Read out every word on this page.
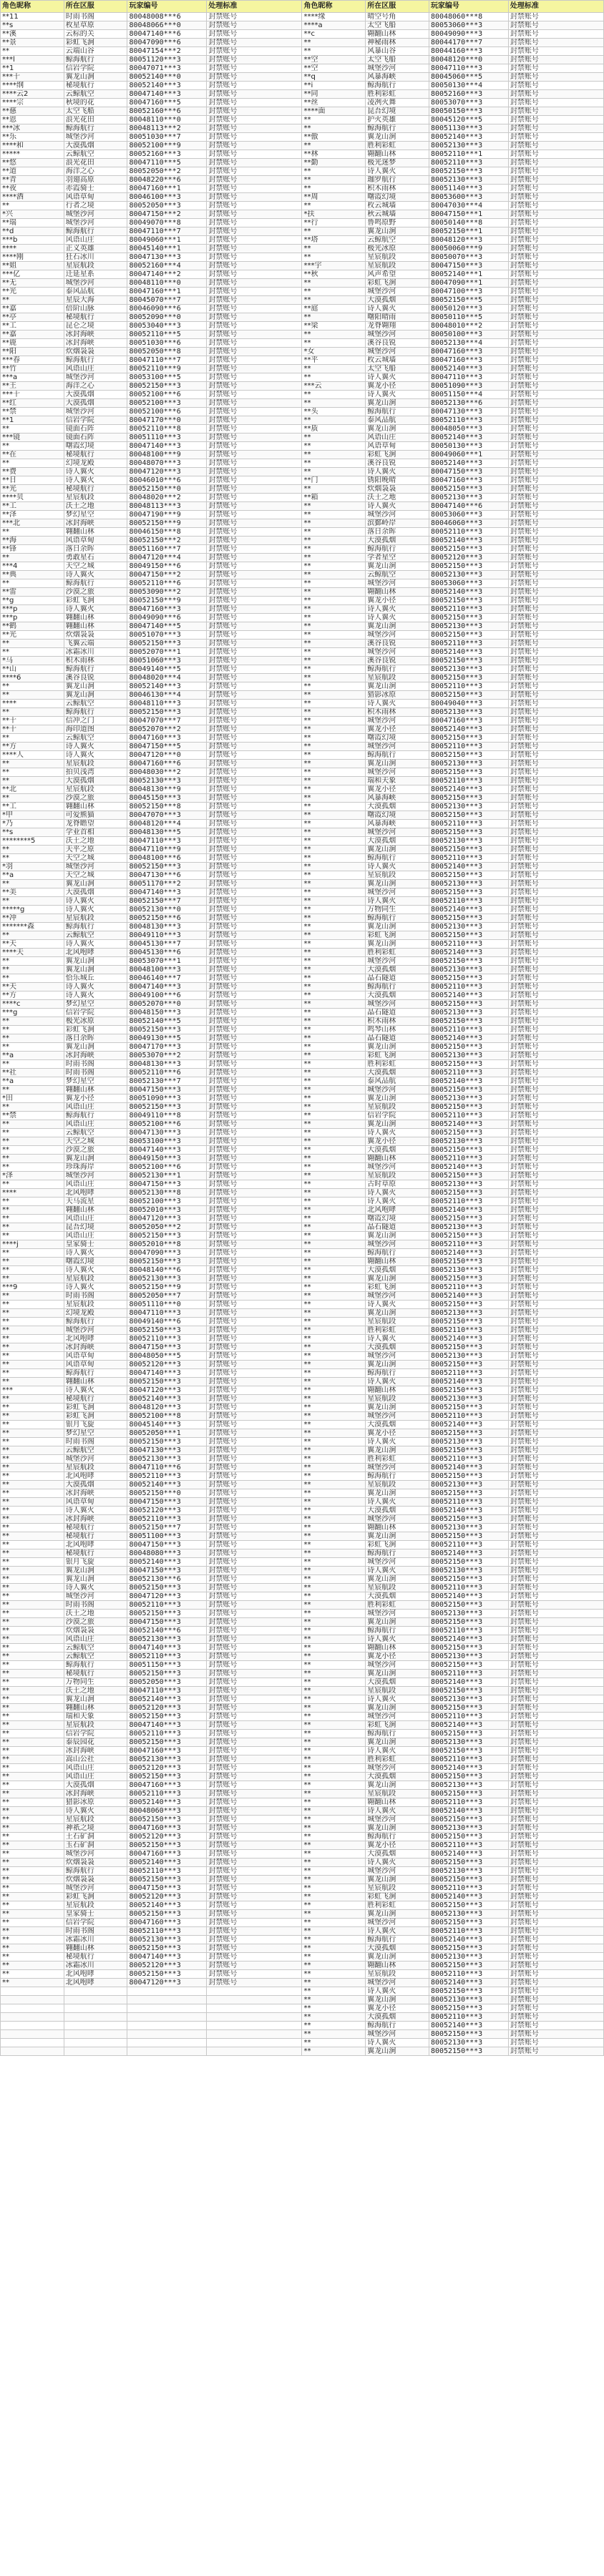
角色昵称	所在区服	玩家编号	处理标准	角色昵称	所在区服	玩家编号	处理标准
**11	时雨书阁	80048008***6	封禁账号	****缘	晴空号角	80048060***8	封禁账号
**s	枚星草原	80048066***0	封禁账号	****a	太空飞船	80053060***3	封禁账号
**溪	云标的关	80047140***6	封禁账号	**c	翱翻山林	80049090***3	封禁账号
**景	彩虹飞涧	80047090***6	封禁账号	**	神秘雨林	80044170***7	封禁账号
**	云端山谷	80047154***2	封禁账号	**	风暴山谷	80044160***3	封禁账号
***l	鲸海航行	80051120***3	封禁账号	**空	太空飞船	80048120***0	封禁账号
**1	信岩学院	80047071***3	封禁账号	**空	城堡沙河	80047110***3	封禁账号
***十	翼龙山涧	80052140***0	封禁账号	**q	风暴海峡	80045060***5	封禁账号
****纲	秘境航行	80052140***3	封禁账号	**i	鲸海航行	80050130***4	封禁账号
****云2	云鲸航空	80047140***3	封禁账号	**同	胜利彩虹	80052160***3	封禁账号
****宗	秋境的花	80047160***5	封禁账号	**丝	凌冽火舞	80053070***3	封禁账号
**慈	太空飞船	80052160***6	封禁账号	****面	昆吾幻境	80050150***3	封禁账号
**恩	浪光花田	80048110***0	封禁账号	**	护火英雄	80045120***5	封禁账号
***冰	鲸海航行	80048113***2	封禁账号	**	鲸海航行	80051130***3	封禁账号
**乐	城堡沙河	80051030***7	封禁账号	**傲	翼龙山涧	80052140***3	封禁账号
****和	大漠孤烟	80052100***9	封禁账号	**	胜利彩虹	80052130***3	封禁账号
*****	云鲸航空	80052160***3	封禁账号	**林	翱翻山林	80052110***1	封禁账号
**悠	浪光花田	80047110***5	封禁账号	**勤	极光迷梦	80052110***3	封禁账号
**道	海洋之心	80052050***2	封禁账号	**	诗人翼火	80052150***3	封禁账号
**青	羽翅高原	80048220***6	封禁账号	**	珈罗航行	80052130***3	封禁账号
**夜	赤霞骑士	80047160***1	封禁账号	**	积木雨林	80051140***3	封禁账号
****酒	风语草甸	80046100***3	封禁账号	**周	曙霞幻境	80053600***3	封禁账号
**	行者之境	80052050***3	封禁账号	**	枚云城墙	80047030***4	封禁账号
*兴	城堡沙河	80047150***2	封禁账号	*扶	秋云城墙	80047150***1	封禁账号
**瑞	城堡沙河	80049070***8	封禁账号	**行	鲁鸣原野	80050140***8	封禁账号
**d	鲸海航行	80047110***7	封禁账号	**	翼龙山涧	80052150***1	封禁账号
***b	风语山庄	80049060***1	封禁账号	**塔	云鲸航空	80048120***3	封禁账号
****	正义英雄	80045140***1	封禁账号	**	极光冰原	80050060***9	封禁账号
****刚	狂石冰川	80047130***3	封禁账号	**	星宸航段	80050070***3	封禁账号
**姐	星宸航段	80052160***4	封禁账号	***宇	星宸航段	80047150***3	封禁账号
***亿	迁延星系	80047140***2	封禁账号	**秋	风声希望	80052140***1	封禁账号
**无	城堡沙河	80048110***0	封禁账号	**	彩虹飞涧	80047090***1	封禁账号
**光	泰风品航	80047160***1	封禁账号	**	城堡沙河	80047100***3	封禁账号
**	星辰大海	80045070***7	封禁账号	**	大漠孤烟	80052150***5	封禁账号
**嘉	倍阶山脉	80046090***6	封禁账号	**庭	诗人翼火	80050120***3	封禁账号
**亭	秘境航行	80052090***0	封禁账号	**	曙阳晴雨	80050110***5	封禁账号
**工	昆仑之境	80053040***3	封禁账号	**梁	龙脊翱翔	80048010***2	封禁账号
**嘉	冰封海峡	80052110***5	封禁账号	**	城堡沙河	80050100***3	封禁账号
**鹿	冰封海峡	80051030***6	封禁账号	**	溪谷良锐	80052130***4	封禁账号
**阳	炊烟袅袅	80052050***8	封禁账号	*女	城堡沙河	80047160***3	封禁账号
***春	鲸海航行	80047110***7	封禁账号	**平	枚云城墙	80047160***3	封禁账号
**竹	风语山庄	80052110***9	封禁账号	**	太空飞船	80052140***3	封禁账号
***a	城堡沙河	80053100***5	封禁账号	**	诗人翼火	80047110***3	封禁账号
**王	海洋之心	80052150***3	封禁账号	***云	翼龙小径	80051090***3	封禁账号
***十	大漠孤烟	80052100***6	封禁账号	**	诗人翼火	80051150***4	封禁账号
**红	大漠孤烟	80052100***3	封禁账号	**	翼龙山涧	80052130***6	封禁账号
**禁	城堡沙河	80052100***6	封禁账号	**头	鲸海航行	80047130***3	封禁账号
**1	信岩学院	80047170***0	封禁账号	**	泰风品航	80052110***3	封禁账号
**	镜面石阵	80052110***8	封禁账号	**质	翼龙山涧	80048050***3	封禁账号
***镜	镜面石阵	80051110***3	封禁账号	**	风语山庄	80052140***3	封禁账号
**	曙霞幻境	80047140***3	封禁账号	**	风语草甸	80050130***3	封禁账号
**在	秘境航行	80048100***9	封禁账号	**	彩虹飞涧	80049060***1	封禁账号
**	幻境龙殿	80048070***3	封禁账号	**	溪谷良锐	80052140***3	封禁账号
**费	诗人翼火	80047120***3	封禁账号	**	诗人翼火	80047150***3	封禁账号
**日	诗人翼火	80046010***6	封禁账号	**门	锈阳晚晴	80047160***3	封禁账号
**光	秘境航行	80052150***0	封禁账号	**	炊烟袅袅	80052150***3	封禁账号
****贝	星宸航段	80048020***2	封禁账号	**箱	沃土之地	80052130***3	封禁账号
**工	沃土之地	80048113***3	封禁账号	**	诗人翼火	80047140***6	封禁账号
**泽	梦幻星空	80047190***9	封禁账号	**	城堡沙河	80053060***3	封禁账号
***北	冰封海峡	80052150***9	封禁账号	**	滨鄞岭岸	80046060***3	封禁账号
**	翱翻山林	80046150***8	封禁账号	**	落日余晖	80052110***3	封禁账号
**海	风语草甸	80052150***2	封禁账号	**	大漠孤烟	80052140***3	封禁账号
**锋	落日余晖	80051160***7	封禁账号	**	鲸海航行	80052150***3	封禁账号
**	勇敢星石	80047120***4	封禁账号	**	学者星空	80052120***3	封禁账号
***4	天空之城	80049150***6	封禁账号	**	翼龙山涧	80052150***3	封禁账号
**典	诗人翼火	80047150***2	封禁账号	**	云鲸航空	80052130***3	封禁账号
**	鲸海航行	80052110***6	封禁账号	**	城堡沙河	80053060***3	封禁账号
**雷	沙漠之旅	80053090***2	封禁账号	**	翱翻山林	80052140***3	封禁账号
**g	彩虹飞涧	80052150***9	封禁账号	**	翼龙小径	80052150***3	封禁账号
***p	诗人翼火	80047160***3	封禁账号	**	诗人翼火	80052110***3	封禁账号
***p	翱翻山林	80049090***6	封禁账号	**	诗人翼火	80052150***3	封禁账号
**鹤	翱翻山林	80047140***5	封禁账号	**	翼龙山涧	80052130***3	封禁账号
**光	炊烟袅袅	80051070***3	封禁账号	**	城堡沙河	80052150***3	封禁账号
**	飞翼云端	80052150***3	封禁账号	**	溪谷良锐	80052110***3	封禁账号
**	冰霜冰川	80052070***1	封禁账号	**	城堡沙河	80052140***3	封禁账号
*马	积木雨林	80051060***3	封禁账号	**	溪谷良锐	80052150***3	封禁账号
**山	鲸海航行	80049140***5	封禁账号	**	鲸海航行	80052130***3	封禁账号
****6	溪谷良锐	80048020***4	封禁账号	**	星宸航段	80052150***3	封禁账号
**	翼龙山涧	80052140***3	封禁账号	**	翼龙山涧	80052110***3	封禁账号
**	翼龙山涧	80046130***4	封禁账号	**	猎影冰原	80052150***3	封禁账号
****	云鲸航空	80048110***3	封禁账号	**	诗人翼火	80049040***3	封禁账号
**	鲸海航行	80052150***3	封禁账号	**	积木雨林	80052130***3	封禁账号
**十	信冲之门	80047070***7	封禁账号	**	城堡沙河	80047160***3	封禁账号
**十	海印道图	80052070***2	封禁账号	**	翼龙小径	80052140***3	封禁账号
**	云鲸航空	80047160***3	封禁账号	**	曙霞幻境	80052150***3	封禁账号
**方	诗人翼火	80047150***5	封禁账号	**	城堡沙河	80052110***3	封禁账号
****人	诗人翼火	80047120***0	封禁账号	**	鲸海航行	80052150***3	封禁账号
**	星宸航段	80047160***6	封禁账号	**	翼龙山涧	80052130***3	封禁账号
**	拍贝浅湾	80048030***2	封禁账号	**	城堡沙河	80052150***3	封禁账号
**	大漠孤烟	80052130***3	封禁账号	**	瑞和天象	80052110***3	封禁账号
**北	星宸航段	80048130***9	封禁账号	**	翼龙小径	80052140***3	封禁账号
**	沙漠之旅	80045150***3	封禁账号	**	风暴海峡	80052150***3	封禁账号
**工	翱翻山林	80052150***8	封禁账号	**	大漠孤烟	80052130***3	封禁账号
*甲	可爱熊猫	80047070***3	封禁账号	**	曙霞幻境	80052150***3	封禁账号
*乃	龙脊瞻望	80048120***4	封禁账号	**	风暴海峡	80052110***3	封禁账号
**s	学业首相	80048130***5	封禁账号	**	城堡沙河	80052150***3	封禁账号
********5	沃土之地	80047110***3	封禁账号	**	大漠孤烟	80052130***3	封禁账号
**	天平之原	80047110***9	封禁账号	**	翼龙山涧	80052150***3	封禁账号
**	天空之城	80048100***6	封禁账号	**	鲸海航行	80052110***3	封禁账号
*羽	城堡沙河	80052150***3	封禁账号	**	诗人翼火	80052140***3	封禁账号
**a	天空之城	80047130***6	封禁账号	**	星宸航段	80052150***3	封禁账号
**	翼龙山涧	80051170***2	封禁账号	**	翼龙山涧	80052130***3	封禁账号
**美	大漠孤烟	80047140***3	封禁账号	**	城堡沙河	80052150***3	封禁账号
**	诗人翼火	80052150***7	封禁账号	**	诗人翼火	80052110***3	封禁账号
*****g	诗人翼火	80052130***0	封禁账号	**	万物同生	80052140***3	封禁账号
**冲	星宸航段	80052150***6	封禁账号	**	鲸海航行	80052150***3	封禁账号
*******森	鲸海航行	80048130***3	封禁账号	**	翼龙山涧	80052130***3	封禁账号
**	云鲸航空	80049110***3	封禁账号	**	彩虹飞涧	80052150***3	封禁账号
**天	诗人翼火	80045130***7	封禁账号	**	翼龙山涧	80052110***3	封禁账号
****天	北风咆哮	80045130***6	封禁账号	**	胜利彩虹	80052140***3	封禁账号
**	翼龙山涧	80053070***1	封禁账号	**	城堡沙河	80052150***3	封禁账号
**	翼龙山涧	80048100***3	封禁账号	**	大漠孤烟	80052130***3	封禁账号
**	恰乐城丘	80046140***7	封禁账号	**	晶石隧道	80052150***3	封禁账号
**天	诗人翼火	80047140***3	封禁账号	**	鲸海航行	80052110***3	封禁账号
**方	诗人翼火	80049100***6	封禁账号	**	大漠孤烟	80052140***3	封禁账号
****c	梦幻星空	80052070***0	封禁账号	**	城堡沙河	80052150***3	封禁账号
***g	信岩学院	80048150***3	封禁账号	**	晶石隧道	80052130***3	封禁账号
**	极光冰原	80052140***5	封禁账号	**	积木雨林	80052150***3	封禁账号
**	彩虹飞涧	80052150***3	封禁账号	**	鸣琴山林	80052110***3	封禁账号
**	落日余晖	80049130***5	封禁账号	**	晶石隧道	80052140***3	封禁账号
**	翼龙山涧	80047170***3	封禁账号	**	翼龙山涧	80052150***3	封禁账号
**a	冰封海峡	80053070***2	封禁账号	**	彩虹飞涧	80052130***3	封禁账号
**	时雨书阁	80048130***3	封禁账号	**	胜利彩虹	80052150***3	封禁账号
**社	时雨书阁	80052110***6	封禁账号	**	大漠孤烟	80052110***3	封禁账号
**a	梦幻星空	80052130***7	封禁账号	**	泰风品航	80052140***3	封禁账号
**	翱翻山林	80047150***3	封禁账号	**	城堡沙河	80052150***3	封禁账号
*田	翼龙小径	80051090***3	封禁账号	**	翼龙山涧	80052130***3	封禁账号
**	风语山庄	80052150***3	封禁账号	**	星宸航段	80052150***3	封禁账号
**禁	鲸海航行	80049110***8	封禁账号	**	信岩学院	80052110***3	封禁账号
**	风语山庄	80052100***6	封禁账号	**	翼龙山涧	80052140***3	封禁账号
**	云鲸航空	80047130***3	封禁账号	**	诗人翼火	80052150***3	封禁账号
**	天空之城	80053100***3	封禁账号	**	翼龙小径	80052130***3	封禁账号
**	沙漠之旅	80047140***3	封禁账号	**	大漠孤烟	80052150***3	封禁账号
**	翼龙山涧	80049150***3	封禁账号	**	翱翻山林	80052110***3	封禁账号
**	珍珠海岸	80052100***6	封禁账号	**	城堡沙河	80052140***3	封禁账号
*泽	城堡沙河	80052130***1	封禁账号	**	星宸航段	80052150***3	封禁账号
**	风语山庄	80047150***3	封禁账号	**	古时草原	80052130***3	封禁账号
****	北风咆哮	80052130***8	封禁账号	**	诗人翼火	80052150***3	封禁账号
**	天马流星	80052100***3	封禁账号	**	诗人翼火	80052110***3	封禁账号
**	翱翻山林	80052010***3	封禁账号	**	北风咆哮	80052140***3	封禁账号
**	风语山庄	80047120***3	封禁账号	**	曙霞幻境	80052150***3	封禁账号
**	昆吾幻境	80052050***2	封禁账号	**	晶石隧道	80052130***3	封禁账号
**	风语山庄	80052150***3	封禁账号	**	翼龙山涧	80052150***3	封禁账号
****j	皇家骑士	80052010***8	封禁账号	**	城堡沙河	80052110***3	封禁账号
**	诗人翼火	80047090***3	封禁账号	**	鲸海航行	80052140***3	封禁账号
**	曙霞幻境	80052150***3	封禁账号	**	翱翻山林	80052150***3	封禁账号
**	诗人翼火	80048140***6	封禁账号	**	大漠孤烟	80052130***3	封禁账号
**	星宸航段	80052130***3	封禁账号	**	翼龙山涧	80052150***3	封禁账号
***9	诗人翼火	80052150***9	封禁账号	**	彩虹飞涧	80052110***3	封禁账号
**	时雨书阁	80052050***7	封禁账号	**	城堡沙河	80052140***3	封禁账号
**	星宸航段	80051110***0	封禁账号	**	诗人翼火	80052150***3	封禁账号
**	幻境龙殿	80047110***3	封禁账号	**	翼龙山涧	80052130***3	封禁账号
**	鲸海航行	80049140***6	封禁账号	**	星宸航段	80052150***3	封禁账号
**	城堡沙河	80052150***3	封禁账号	**	胜利彩虹	80052110***3	封禁账号
**	北风咆哮	80052110***3	封禁账号	**	诗人翼火	80052140***3	封禁账号
**	冰封海峡	80047150***3	封禁账号	**	大漠孤烟	80052150***3	封禁账号
**	风语草甸	80048050***5	封禁账号	**	城堡沙河	80052130***3	封禁账号
**	风语草甸	80052120***3	封禁账号	**	翼龙山涧	80052150***3	封禁账号
**	鲸海航行	80047140***3	封禁账号	**	鲸海航行	80052110***3	封禁账号
**	翱翻山林	80052150***3	封禁账号	**	诗人翼火	80052140***3	封禁账号
***	诗人翼火	80047120***3	封禁账号	**	翱翻山林	80052150***3	封禁账号
**	秘境航行	80052140***3	封禁账号	**	星宸航段	80052130***3	封禁账号
**	彩虹飞涧	80048120***3	封禁账号	**	翼龙山涧	80052150***3	封禁账号
**	彩虹飞涧	80052100***8	封禁账号	**	城堡沙河	80052110***3	封禁账号
**	银月飞旋	80045140***3	封禁账号	**	大漠孤烟	80052140***3	封禁账号
**	梦幻星空	80052050***1	封禁账号	**	翼龙小径	80052150***3	封禁账号
**	时雨书阁	80052150***3	封禁账号	**	诗人翼火	80052130***3	封禁账号
**	云鲸航空	80047130***3	封禁账号	**	翼龙山涧	80052150***3	封禁账号
**	城堡沙河	80052130***3	封禁账号	**	胜利彩虹	80052110***3	封禁账号
**	星宸航段	80047110***6	封禁账号	**	城堡沙河	80052140***3	封禁账号
**	北风咆哮	80052110***3	封禁账号	**	鲸海航行	80052150***3	封禁账号
**	大漠孤烟	80052140***3	封禁账号	**	星宸航段	80052130***3	封禁账号
**	冰封海峡	80052150***0	封禁账号	**	翼龙山涧	80052150***3	封禁账号
**	风语草甸	80047150***3	封禁账号	**	诗人翼火	80052110***3	封禁账号
**	诗人翼火	80052120***3	封禁账号	**	大漠孤烟	80052140***3	封禁账号
**	冰封海峡	80052110***3	封禁账号	**	城堡沙河	80052150***3	封禁账号
**	秘境航行	80052150***7	封禁账号	**	翱翻山林	80052130***3	封禁账号
**	秘境航行	80051100***3	封禁账号	**	翼龙山涧	80052150***3	封禁账号
**	北风咆哮	80047150***3	封禁账号	**	彩虹飞涧	80052110***3	封禁账号
**	秘境航行	80048080***3	封禁账号	**	鲸海航行	80052140***3	封禁账号
**	银月飞旋	80052140***3	封禁账号	**	城堡沙河	80052150***3	封禁账号
**	翼龙山涧	80047150***3	封禁账号	**	诗人翼火	80052130***3	封禁账号
**	翼龙山涧	80052130***6	封禁账号	**	翼龙山涧	80052150***3	封禁账号
**	诗人翼火	80052150***3	封禁账号	**	星宸航段	80052110***3	封禁账号
**	城堡沙河	80047120***3	封禁账号	**	大漠孤烟	80052140***3	封禁账号
**	时雨书阁	80052110***3	封禁账号	**	胜利彩虹	80052150***3	封禁账号
**	沃土之地	80052150***3	封禁账号	**	城堡沙河	80052130***3	封禁账号
**	沙漠之旅	80047150***3	封禁账号	**	翼龙山涧	80052150***3	封禁账号
**	炊烟袅袅	80052140***6	封禁账号	**	鲸海航行	80052110***3	封禁账号
**	风语山庄	80052130***3	封禁账号	**	诗人翼火	80052140***3	封禁账号
**	云鲸航空	80047140***3	封禁账号	**	翱翻山林	80052150***3	封禁账号
**	云鲸航空	80052110***3	封禁账号	**	翼龙小径	80052130***3	封禁账号
**	鲸海航行	80051150***3	封禁账号	**	城堡沙河	80052150***3	封禁账号
**	秘境航行	80052150***3	封禁账号	**	翼龙山涧	80052110***3	封禁账号
**	万物同生	80052050***3	封禁账号	**	大漠孤烟	80052140***3	封禁账号
**	沃土之地	80047110***3	封禁账号	**	星宸航段	80052150***3	封禁账号
**	翼龙山涧	80052140***3	封禁账号	**	诗人翼火	80052130***3	封禁账号
**	翱翻山林	80052120***3	封禁账号	**	翼龙山涧	80052150***3	封禁账号
**	瑞和天象	80052150***3	封禁账号	**	城堡沙河	80052110***3	封禁账号
**	星宸航段	80047140***3	封禁账号	**	彩虹飞涧	80052140***3	封禁账号
**	信岩学院	80052110***3	封禁账号	**	鲸海航行	80052150***3	封禁账号
**	泰辰园花	80052150***3	封禁账号	**	翼龙山涧	80052130***3	封禁账号
**	冰封海峡	80047160***3	封禁账号	**	诗人翼火	80052150***3	封禁账号
**	嵩山公社	80052130***3	封禁账号	**	胜利彩虹	80052110***3	封禁账号
**	风语山庄	80052120***3	封禁账号	**	城堡沙河	80052140***3	封禁账号
**	风语山庄	80052150***3	封禁账号	**	大漠孤烟	80052150***3	封禁账号
**	大漠孤烟	80047160***3	封禁账号	**	翼龙山涧	80052130***3	封禁账号
**	冰封海峡	80052110***3	封禁账号	**	星宸航段	80052150***3	封禁账号
**	猎影冰原	80052140***3	封禁账号	**	翱翻山林	80052110***3	封禁账号
**	诗人翼火	80048060***3	封禁账号	**	诗人翼火	80052140***3	封禁账号
**	星宸航段	80052150***3	封禁账号	**	城堡沙河	80052150***3	封禁账号
**	神祇之境	80047160***3	封禁账号	**	翼龙山涧	80052130***3	封禁账号
**	土石矿洞	80052120***3	封禁账号	**	鲸海航行	80052150***3	封禁账号
**	玉石矿洞	80052150***3	封禁账号	**	翼龙小径	80052110***3	封禁账号
**	城堡沙河	80047160***3	封禁账号	**	大漠孤烟	80052140***3	封禁账号
**	炊烟袅袅	80052140***3	封禁账号	**	诗人翼火	80052150***3	封禁账号
**	鲸海航行	80052110***3	封禁账号	**	城堡沙河	80052130***3	封禁账号
**	炊烟袅袅	80052150***3	封禁账号	**	翼龙山涧	80052150***3	封禁账号
**	城堡沙河	80047150***3	封禁账号	**	星宸航段	80052110***3	封禁账号
**	彩虹飞涧	80052120***3	封禁账号	**	彩虹飞涧	80052140***3	封禁账号
**	星宸航段	80052140***3	封禁账号	**	胜利彩虹	80052150***3	封禁账号
**	皇家骑士	80052150***3	封禁账号	**	翼龙山涧	80052130***3	封禁账号
**	信岩学院	80047160***3	封禁账号	**	城堡沙河	80052150***3	封禁账号
**	时雨书阁	80052110***3	封禁账号	**	诗人翼火	80052110***3	封禁账号
**	冰霜冰川	80052130***3	封禁账号	**	鲸海航行	80052140***3	封禁账号
**	翱翻山林	80052150***3	封禁账号	**	大漠孤烟	80052150***3	封禁账号
**	秘境航行	80047140***3	封禁账号	**	翼龙山涧	80052130***3	封禁账号
**	冰霜冰川	80052120***3	封禁账号	**	翱翻山林	80052150***3	封禁账号
**	北风咆哮	80052150***3	封禁账号	**	星宸航段	80052110***3	封禁账号
**	北风咆哮	80047120***3	封禁账号	**	城堡沙河	80052140***3	封禁账号
				**	诗人翼火	80052150***3	封禁账号
				**	翼龙山涧	80052130***3	封禁账号
				**	翼龙小径	80052150***3	封禁账号
				**	大漠孤烟	80052110***3	封禁账号
				**	鲸海航行	80052140***3	封禁账号
				**	城堡沙河	80052150***3	封禁账号
				**	诗人翼火	80052130***3	封禁账号
				**	翼龙山涧	80052150***3	封禁账号
